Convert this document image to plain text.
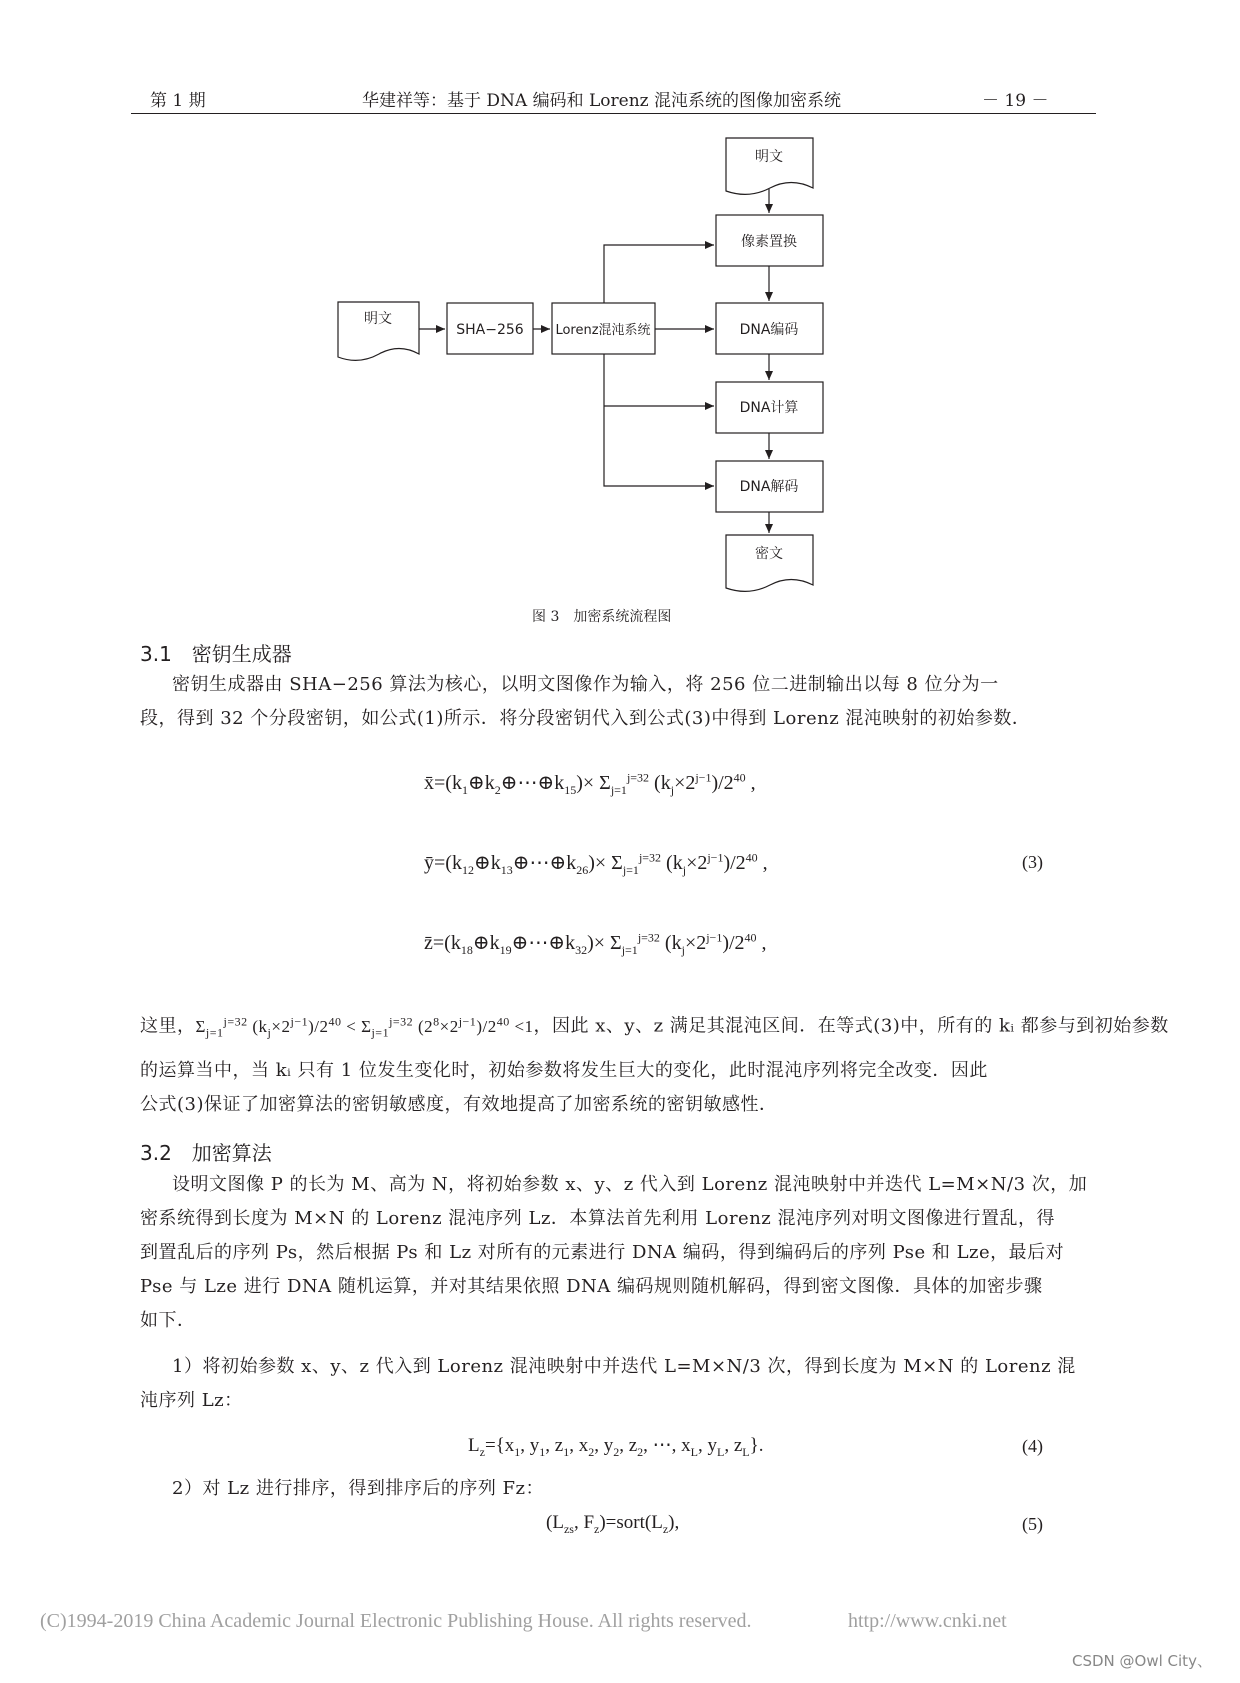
第 1 期	华建祥等：基于 DNA 编码和 Lorenz 混沌系统的图像加密系统	－ 19 －
明文
像素置换
明文
SHA−256 Lorenz混沌系统	DNA编码
DNA计算
DNA解码
密文
图 3　加密系统流程图
3.1　密钥生成器
密钥生成器由 SHA−256 算法为核心，以明文图像作为输入，将 256 位二进制输出以每 8 位分为一
段，得到 32 个分段密钥，如公式(1)所示．将分段密钥代入到公式(3)中得到 Lorenz 混沌映射的初始参数．
$x̄=(k_1\oplus k_2\oplus\cdots\oplus k_{15})\times \Sigma_{j=1}^{j=32}$ $(k_j\times 2^{j-1})/2^{40}$ ,
$ȳ=(k_{12}\oplus k_{13}\oplus\cdots\oplus k_{26})\times \Sigma_{j=1}^{j=32}$ $(k_j\times 2^{j-1})/2^{40}$ ,
$z̄=(k_{18}\oplus k_{19}\oplus\cdots\oplus k_{32})\times \Sigma_{j=1}^{j=32}$ $(k_j\times 2^{j-1})/2^{40}$ ,
(3)
这里，$\Sigma_{j=1}^{j=32}$ $(k_j\times 2^{j-1})/2^{40} < \Sigma_{j=1}^{j=32}$ $(2^8\times 2^{j-1})/2^{40} <1$，因此 x、y、z 满足其混沌区间．在等式(3)中，所有的 kᵢ 都参与到初始参数
的运算当中，当 kᵢ 只有 1 位发生变化时，初始参数将发生巨大的变化，此时混沌序列将完全改变．因此
公式(3)保证了加密算法的密钥敏感度，有效地提高了加密系统的密钥敏感性．
3.2　加密算法
设明文图像 P 的长为 M、高为 N，将初始参数 x、y、z 代入到 Lorenz 混沌映射中并迭代 L=M×N/3 次，加
密系统得到长度为 M×N 的 Lorenz 混沌序列 Lz．本算法首先利用 Lorenz 混沌序列对明文图像进行置乱，得
到置乱后的序列 Ps，然后根据 Ps 和 Lz 对所有的元素进行 DNA 编码，得到编码后的序列 Pse 和 Lze，最后对
Pse 与 Lze 进行 DNA 随机运算，并对其结果依照 DNA 编码规则随机解码，得到密文图像．具体的加密步骤
如下．
1）将初始参数 x、y、z 代入到 Lorenz 混沌映射中并迭代 L=M×N/3 次，得到长度为 M×N 的 Lorenz 混
沌序列 Lz：
$L_z=\{x_1$, $y_1$, $z_1$, $x_2$, $y_2$, $z_2$, ⋯, $x_L$, $y_L$, $z_L$}.	(4)
2）对 Lz 进行排序，得到排序后的序列 Fz：
($L_{zs}$, $F_z)=sort(L_z)$,	(5)
(C)1994-2019 China Academic Journal Electronic Publishing House. All rights reserved.	http://www.cnki.net
CSDN @Owl City、
